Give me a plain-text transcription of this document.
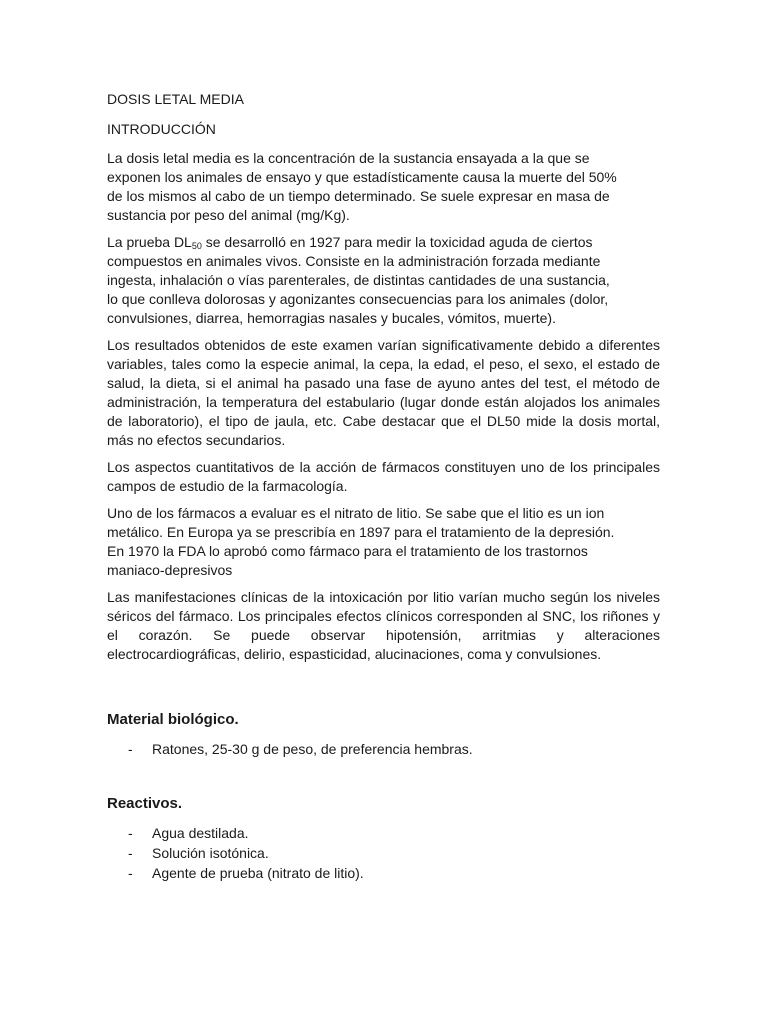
DOSIS LETAL MEDIA

INTRODUCCIÓN

La dosis letal media es la concentración de la sustancia ensayada a la que se
exponen los animales de ensayo y que estadísticamente causa la muerte del 50%
de los mismos al cabo de un tiempo determinado. Se suele expresar en masa de
sustancia por peso del animal (mg/Kg).

La prueba $DL_{50}$ se desarrolló en 1927 para medir la toxicidad aguda de ciertos
compuestos en animales vivos. Consiste en la administración forzada mediante
ingesta, inhalación o vías parenterales, de distintas cantidades de una sustancia,
lo que conlleva dolorosas y agonizantes consecuencias para los animales (dolor,
convulsiones, diarrea, hemorragias nasales y bucales, vómitos, muerte).

Los resultados obtenidos de este examen varían significativamente debido a diferentes variables, tales como la especie animal, la cepa, la edad, el peso, el sexo, el estado de salud, la dieta, si el animal ha pasado una fase de ayuno antes del test, el método de administración, la temperatura del estabulario (lugar donde están alojados los animales de laboratorio), el tipo de jaula, etc. Cabe destacar que el DL50 mide la dosis mortal, más no efectos secundarios.

Los aspectos cuantitativos de la acción de fármacos constituyen uno de los principales campos de estudio de la farmacología.

Uno de los fármacos a evaluar es el nitrato de litio. Se sabe que el litio es un ion
metálico. En Europa ya se prescribía en 1897 para el tratamiento de la depresión.
En 1970 la FDA lo aprobó como fármaco para el tratamiento de los trastornos
maniaco-depresivos

Las manifestaciones clínicas de la intoxicación por litio varían mucho según los niveles séricos del fármaco. Los principales efectos clínicos corresponden al SNC, los riñones y el corazón. Se puede observar hipotensión, arritmias y alteraciones electrocardiográficas, delirio, espasticidad, alucinaciones, coma y convulsiones.

Material biológico.

- Ratones, 25-30 g de peso, de preferencia hembras.

Reactivos.

- Agua destilada.
- Solución isotónica.
- Agente de prueba (nitrato de litio).
